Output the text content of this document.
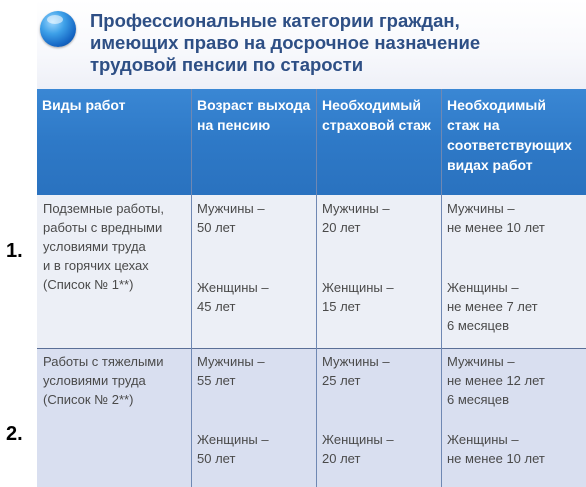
Профессиональные категории граждан,
имеющих право на досрочное назначение
трудовой пенсии по старости
Виды работ	Возраст выхода
на пенсию
Необходимый
страховой стаж
Необходимый
стаж на
соответствующих
видах работ
1.
2.

Подземные работы,
работы с вредными
условиями труда
и в горячих цехах
(Список № 1**)

Мужчины –
50 лет

Женщины –
45 лет

Мужчины –
20 лет

Женщины –
15 лет

Мужчины –
не менее 10 лет

Женщины –
не менее 7 лет
6 месяцев

Работы с тяжелыми
условиями труда
(Список № 2**)

Мужчины –
55 лет

Женщины –
50 лет

Мужчины –
25 лет

Женщины –
20 лет

Мужчины –
не менее 12 лет
6 месяцев

Женщины –
не менее 10 лет
